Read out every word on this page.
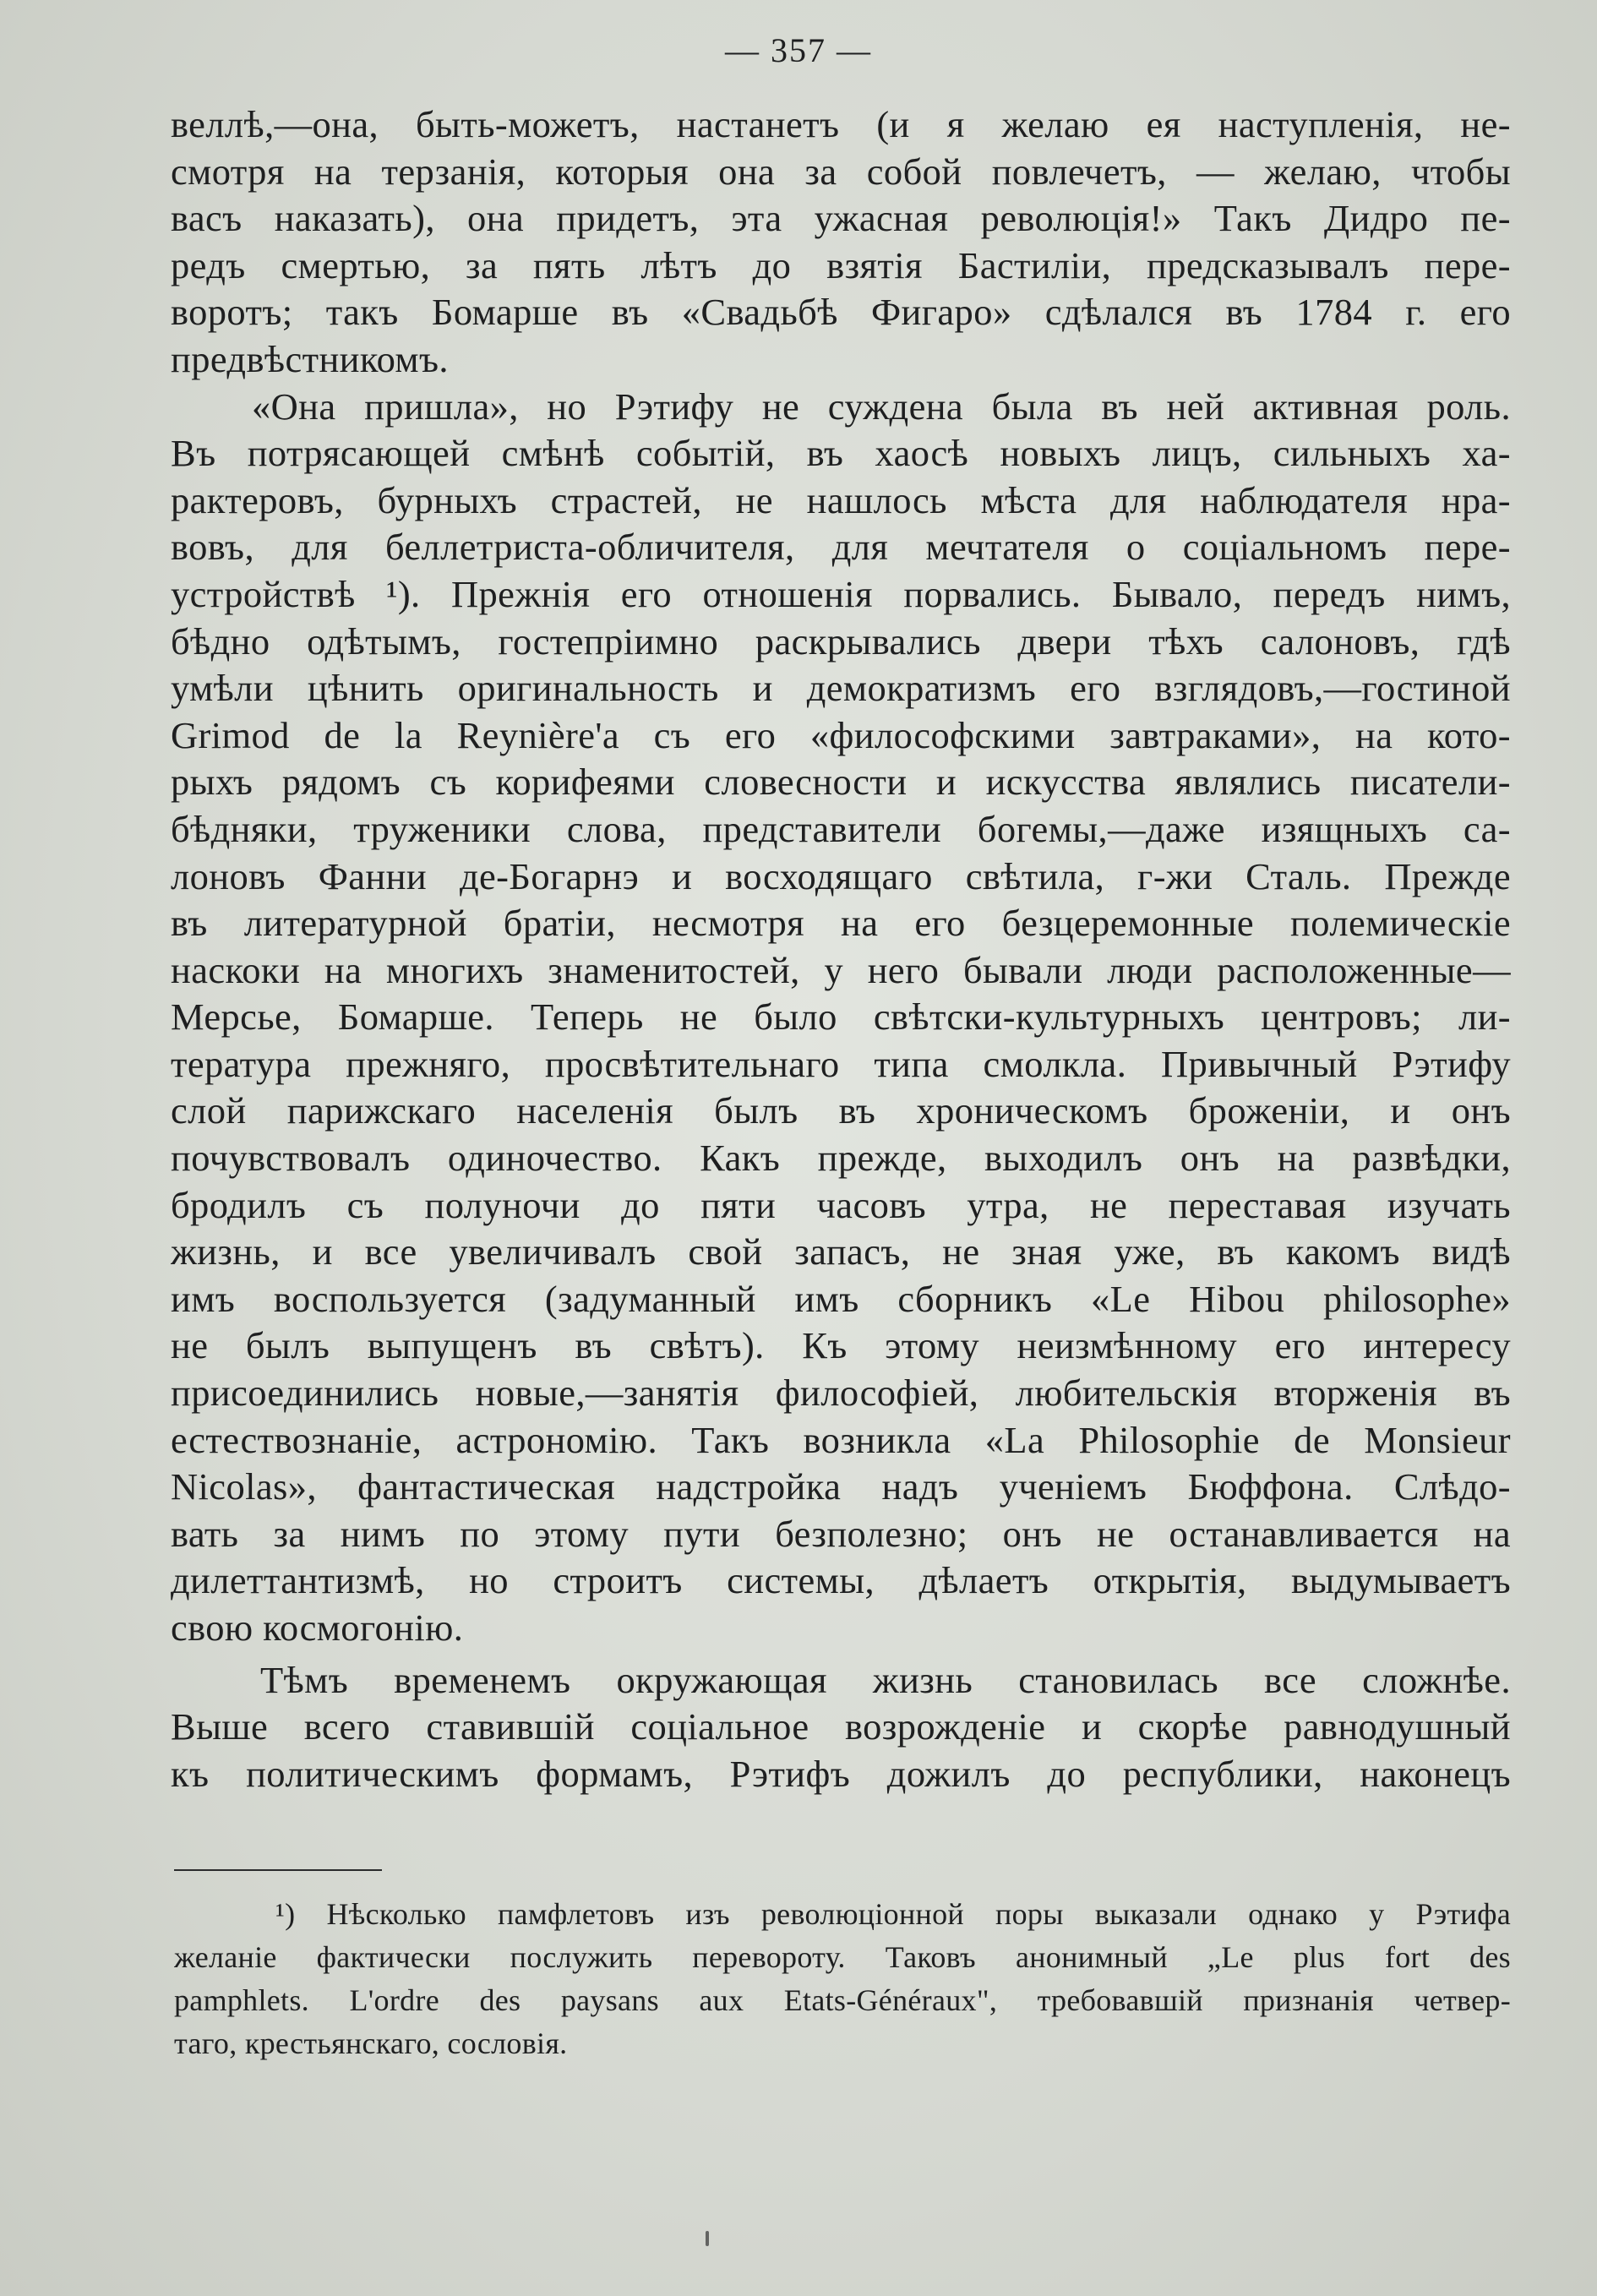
— 357 —
веллѣ,—она, быть-можетъ, настанетъ (и я желаю ея наступленія, не-
смотря на терзанія, которыя она за собой повлечетъ, — желаю, чтобы
васъ наказать), она придетъ, эта ужасная революція!» Такъ Дидро пе-
редъ смертью, за пять лѣтъ до взятія Бастиліи, предсказывалъ пере-
воротъ; такъ Бомарше въ «Свадьбѣ Фигаро» сдѣлался въ 1784 г. его
предвѣстникомъ.
«Она пришла», но Рэтифу не суждена была въ ней активная роль.
Въ потрясающей смѣнѣ событій, въ хаосѣ новыхъ лицъ, сильныхъ ха-
рактеровъ, бурныхъ страстей, не нашлось мѣста для наблюдателя нра-
вовъ, для беллетриста-обличителя, для мечтателя о соціальномъ пере-
устройствѣ ¹). Прежнія его отношенія порвались. Бывало, передъ нимъ,
бѣдно одѣтымъ, гостепріимно раскрывались двери тѣхъ салоновъ, гдѣ
умѣли цѣнить оригинальность и демократизмъ его взглядовъ,—гостиной
Grimod de la Reynière'а съ его «философскими завтраками», на кото-
рыхъ рядомъ съ корифеями словесности и искусства являлись писатели-
бѣдняки, труженики слова, представители богемы,—даже изящныхъ са-
лоновъ Фанни де-Богарнэ и восходящаго свѣтила, г-жи Сталь. Прежде
въ литературной братіи, несмотря на его безцеремонные полемическіе
наскоки на многихъ знаменитостей, у него бывали люди расположенные—
Мерсье, Бомарше. Теперь не было свѣтски-культурныхъ центровъ; ли-
тература прежняго, просвѣтительнаго типа смолкла. Привычный Рэтифу
слой парижскаго населенія былъ въ хроническомъ броженіи, и онъ
почувствовалъ одиночество. Какъ прежде, выходилъ онъ на развѣдки,
бродилъ съ полуночи до пяти часовъ утра, не переставая изучать
жизнь, и все увеличивалъ свой запасъ, не зная уже, въ какомъ видѣ
имъ воспользуется (задуманный имъ сборникъ «Le Hibou philosophe»
не былъ выпущенъ въ свѣтъ). Къ этому неизмѣнному его интересу
присоединились новые,—занятія философіей, любительскія вторженія въ
естествознаніе, астрономію. Такъ возникла «La Philosophie de Monsieur
Nicolas», фантастическая надстройка надъ ученіемъ Бюффона. Слѣдо-
вать за нимъ по этому пути безполезно; онъ не останавливается на
дилеттантизмѣ, но строитъ системы, дѣлаетъ открытія, выдумываетъ
свою космогонію.
Тѣмъ временемъ окружающая жизнь становилась все сложнѣе.
Выше всего ставившій соціальное возрожденіе и скорѣе равнодушный
къ политическимъ формамъ, Рэтифъ дожилъ до республики, наконецъ
¹) Нѣсколько памфлетовъ изъ революціонной поры выказали однако у Рэтифа
желаніе фактически послужить перевороту. Таковъ анонимный „Le plus fort des
pamphlets. L'ordre des paysans aux Etats-Généraux", требовавшій признанія четвер-
таго, крестьянскаго, сословія.
